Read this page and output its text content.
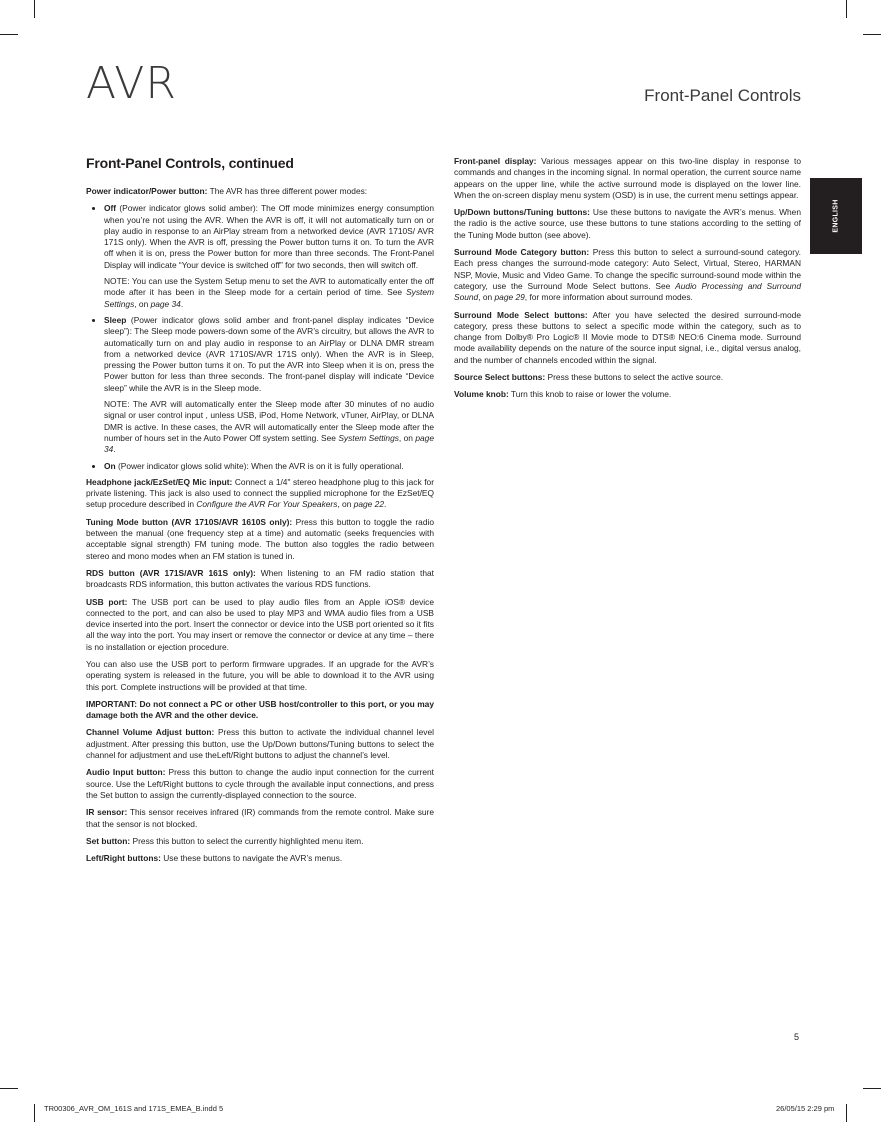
AVR	Front-Panel Controls
ENGLISH
Front-Panel Controls, continued

Power indicator/Power button: The AVR has three different power modes:

• Off (Power indicator glows solid amber): The Off mode minimizes energy consumption when you’re not using the AVR. When the AVR is off, it will not automatically turn on or play audio in response to an AirPlay stream from a networked device (AVR 1710S/ AVR 171S only). When the AVR is off, pressing the Power button turns it on. To turn the AVR off when it is on, press the Power button for more than three seconds. The Front-Panel Display will indicate “Your device is switched off” for two seconds, then will switch off.

NOTE: You can use the System Setup menu to set the AVR to automatically enter the off mode after it has been in the Sleep mode for a certain period of time. See System Settings, on page 34.

• Sleep (Power indicator glows solid amber and front-panel display indicates “Device sleep”): The Sleep mode powers-down some of the AVR’s circuitry, but allows the AVR to automatically turn on and play audio in response to an AirPlay or DLNA DMR stream from a networked device (AVR 1710S/AVR 171S only). When the AVR is in Sleep, pressing the Power button turns it on. To put the AVR into Sleep when it is on, press the Power button for less than three seconds. The front-panel display will indicate “Device sleep” while the AVR is in the Sleep mode.

NOTE: The AVR will automatically enter the Sleep mode after 30 minutes of no audio signal or user control input , unless USB, iPod, Home Network, vTuner, AirPlay, or DLNA DMR is active. In these cases, the AVR will automatically enter the Sleep mode after the number of hours set in the Auto Power Off system setting. See System Settings, on page 34.

• On (Power indicator glows solid white): When the AVR is on it is fully operational.

Headphone jack/EzSet/EQ Mic input: Connect a 1/4" stereo headphone plug to this jack for private listening. This jack is also used to connect the supplied microphone for the EzSet/EQ setup procedure described in Configure the AVR For Your Speakers, on page 22.

Tuning Mode button (AVR 1710S/AVR 1610S only): Press this button to toggle the radio between the manual (one frequency step at a time) and automatic (seeks frequencies with acceptable signal strength) FM tuning mode. The button also toggles the radio between stereo and mono modes when an FM station is tuned in.

RDS button (AVR 171S/AVR 161S only): When listening to an FM radio station that broadcasts RDS information, this button activates the various RDS functions.

USB port: The USB port can be used to play audio files from an Apple iOS® device connected to the port, and can also be used to play MP3 and WMA audio files from a USB device inserted into the port. Insert the connector or device into the USB port oriented so it fits all the way into the port. You may insert or remove the connector or device at any time – there is no installation or ejection procedure.

You can also use the USB port to perform firmware upgrades. If an upgrade for the AVR’s operating system is released in the future, you will be able to download it to the AVR using this port. Complete instructions will be provided at that time.

IMPORTANT: Do not connect a PC or other USB host/controller to this port, or you may damage both the AVR and the other device.

Channel Volume Adjust button: Press this button to activate the individual channel level adjustment. After pressing this button, use the Up/Down buttons/Tuning buttons to select the channel for adjustment and use theLeft/Right buttons to adjust the channel’s level.

Audio Input button: Press this button to change the audio input connection for the current source. Use the Left/Right buttons to cycle through the available input connections, and press the Set button to assign the currently-displayed connection to the source.

IR sensor: This sensor receives infrared (IR) commands from the remote control. Make sure that the sensor is not blocked.

Set button: Press this button to select the currently highlighted menu item.

Left/Right buttons: Use these buttons to navigate the AVR’s menus.

Front-panel display: Various messages appear on this two-line display in response to commands and changes in the incoming signal. In normal operation, the current source name appears on the upper line, while the active surround mode is displayed on the lower line. When the on-screen display menu system (OSD) is in use, the current menu settings appear.

Up/Down buttons/Tuning buttons: Use these buttons to navigate the AVR’s menus. When the radio is the active source, use these buttons to tune stations according to the setting of the Tuning Mode button (see above).

Surround Mode Category button: Press this button to select a surround-sound category. Each press changes the surround-mode category: Auto Select, Virtual, Stereo, HARMAN NSP, Movie, Music and Video Game. To change the specific surround-sound mode within the category, use the Surround Mode Select buttons. See Audio Processing and Surround Sound, on page 29, for more information about surround modes.

Surround Mode Select buttons: After you have selected the desired surround-mode category, press these buttons to select a specific mode within the category, such as to change from Dolby® Pro Logic® II Movie mode to DTS® NEO:6 Cinema mode. Surround mode availability depends on the nature of the source input signal, i.e., digital versus analog, and the number of channels encoded within the signal.

Source Select buttons: Press these buttons to select the active source.

Volume knob: Turn this knob to raise or lower the volume.

5
TR00306_AVR_OM_161S and 171S_EMEA_B.indd 5	26/05/15 2:29 pm
